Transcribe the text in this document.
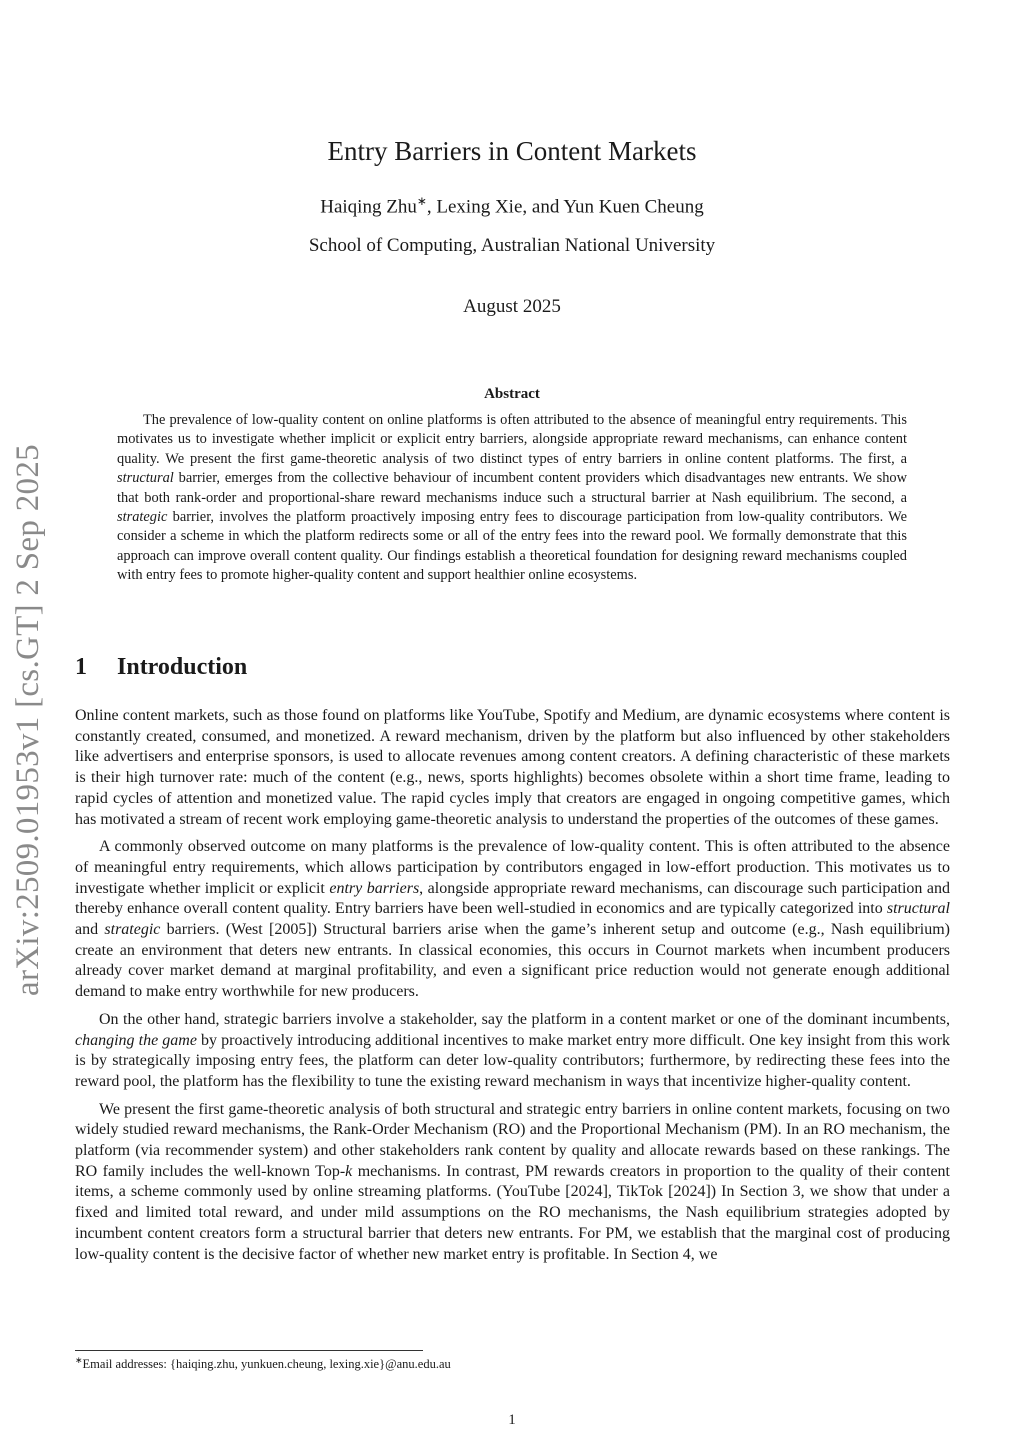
arXiv:2509.01953v1 [cs.GT] 2 Sep 2025
Entry Barriers in Content Markets
Haiqing Zhu∗, Lexing Xie, and Yun Kuen Cheung
School of Computing, Australian National University
August 2025
Abstract

The prevalence of low-quality content on online platforms is often attributed to the absence of meaningful entry requirements. This motivates us to investigate whether implicit or explicit entry barriers, alongside appropriate reward mechanisms, can enhance content quality. We present the first game-theoretic analysis of two distinct types of entry barriers in online content platforms. The first, a structural barrier, emerges from the collective behaviour of incumbent content providers which disadvantages new entrants. We show that both rank-order and proportional-share reward mechanisms induce such a structural barrier at Nash equilibrium. The second, a strategic barrier, involves the platform proactively imposing entry fees to discourage participation from low-quality contributors. We consider a scheme in which the platform redirects some or all of the entry fees into the reward pool. We formally demonstrate that this approach can improve overall content quality. Our findings establish a theoretical foundation for designing reward mechanisms coupled with entry fees to promote higher-quality content and support healthier online ecosystems.

1 Introduction

Online content markets, such as those found on platforms like YouTube, Spotify and Medium, are dynamic ecosystems where content is constantly created, consumed, and monetized. A reward mechanism, driven by the platform but also influenced by other stakeholders like advertisers and enterprise sponsors, is used to allocate revenues among content creators. A defining characteristic of these markets is their high turnover rate: much of the content (e.g., news, sports highlights) becomes obsolete within a short time frame, leading to rapid cycles of attention and monetized value. The rapid cycles imply that creators are engaged in ongoing competitive games, which has motivated a stream of recent work employing game-theoretic analysis to understand the properties of the outcomes of these games.

A commonly observed outcome on many platforms is the prevalence of low-quality content. This is often attributed to the absence of meaningful entry requirements, which allows participation by contributors engaged in low-effort production. This motivates us to investigate whether implicit or explicit entry barriers, alongside appropriate reward mechanisms, can discourage such participation and thereby enhance overall content quality. Entry barriers have been well-studied in economics and are typically categorized into structural and strategic barriers. (West [2005]) Structural barriers arise when the game’s inherent setup and outcome (e.g., Nash equilibrium) create an environment that deters new entrants. In classical economies, this occurs in Cournot markets when incumbent producers already cover market demand at marginal profitability, and even a significant price reduction would not generate enough additional demand to make entry worthwhile for new producers.

On the other hand, strategic barriers involve a stakeholder, say the platform in a content market or one of the dominant incumbents, changing the game by proactively introducing additional incentives to make market entry more difficult. One key insight from this work is by strategically imposing entry fees, the platform can deter low-quality contributors; furthermore, by redirecting these fees into the reward pool, the platform has the flexibility to tune the existing reward mechanism in ways that incentivize higher-quality content.

We present the first game-theoretic analysis of both structural and strategic entry barriers in online content markets, focusing on two widely studied reward mechanisms, the Rank-Order Mechanism (RO) and the Proportional Mechanism (PM). In an RO mechanism, the platform (via recommender system) and other stakeholders rank content by quality and allocate rewards based on these rankings. The RO family includes the well-known Top-k mechanisms. In contrast, PM rewards creators in proportion to the quality of their content items, a scheme commonly used by online streaming platforms. (YouTube [2024], TikTok [2024]) In Section 3, we show that under a fixed and limited total reward, and under mild assumptions on the RO mechanisms, the Nash equilibrium strategies adopted by incumbent content creators form a structural barrier that deters new entrants. For PM, we establish that the marginal cost of producing low-quality content is the decisive factor of whether new market entry is profitable. In Section 4, we

∗Email addresses: {haiqing.zhu, yunkuen.cheung, lexing.xie}@anu.edu.au
1
